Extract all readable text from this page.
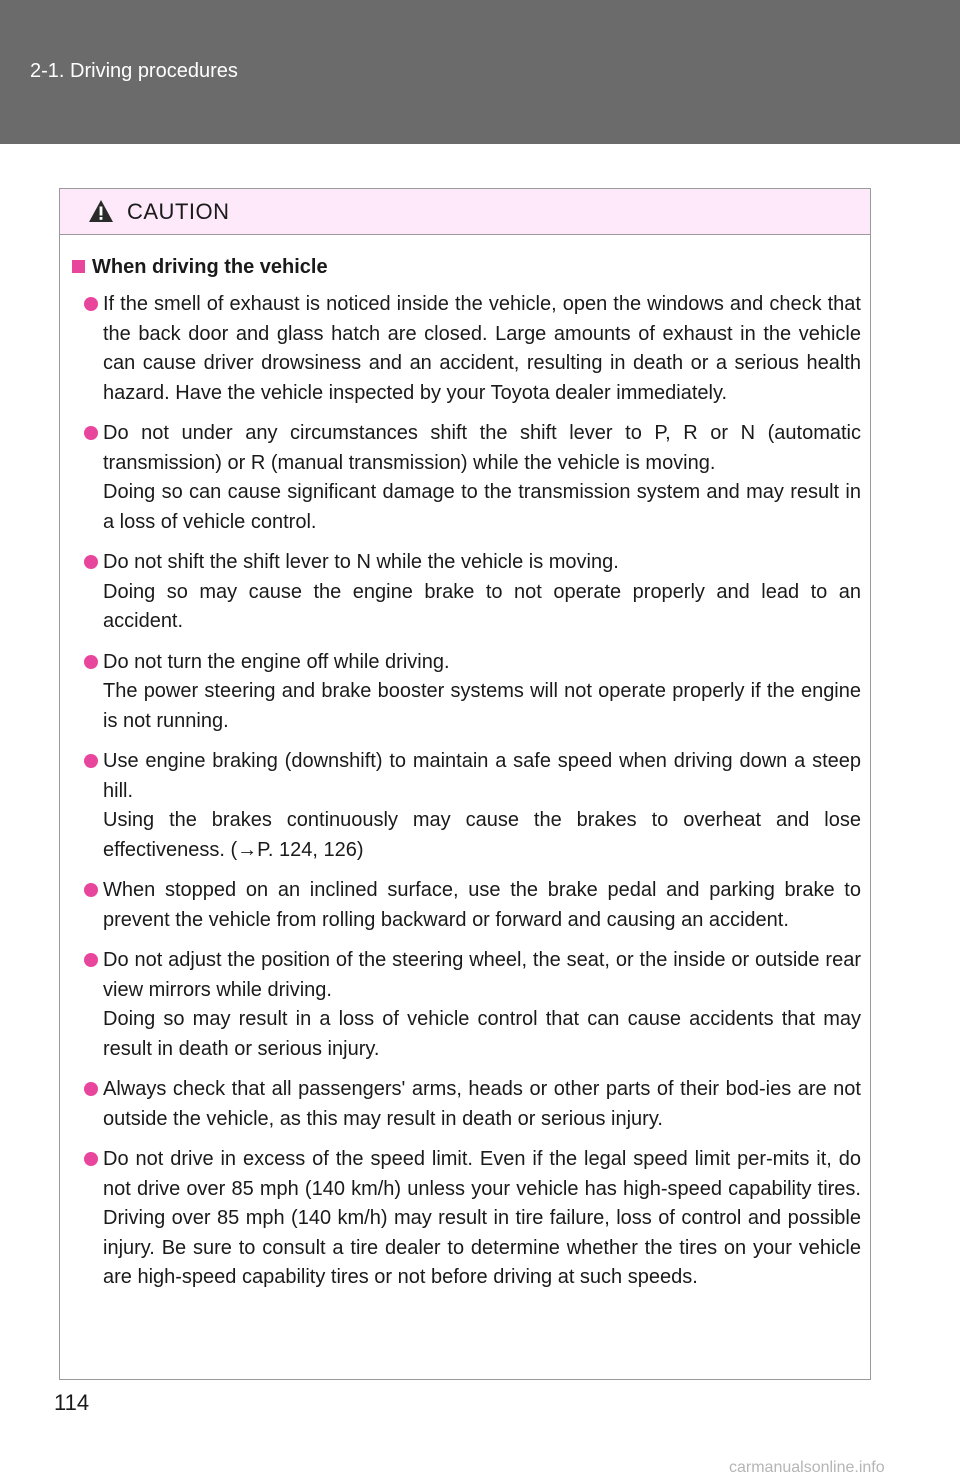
2-1. Driving procedures
CAUTION
When driving the vehicle

If the smell of exhaust is noticed inside the vehicle, open the windows and check that the back door and glass hatch are closed. Large amounts of exhaust in the vehicle can cause driver drowsiness and an accident, resulting in death or a serious health hazard. Have the vehicle inspected by your Toyota dealer immediately.

Do not under any circumstances shift the shift lever to P, R or N (automatic transmission) or R (manual transmission) while the vehicle is moving.

Doing so can cause significant damage to the transmission system and may result in a loss of vehicle control.

Do not shift the shift lever to N while the vehicle is moving.

Doing so may cause the engine brake to not operate properly and lead to an accident.

Do not turn the engine off while driving.

The power steering and brake booster systems will not operate properly if the engine is not running.

Use engine braking (downshift) to maintain a safe speed when driving down a steep hill.

Using the brakes continuously may cause the brakes to overheat and lose effectiveness. (→P. 124, 126)

When stopped on an inclined surface, use the brake pedal and parking brake to prevent the vehicle from rolling backward or forward and causing an accident.

Do not adjust the position of the steering wheel, the seat, or the inside or outside rear view mirrors while driving.

Doing so may result in a loss of vehicle control that can cause accidents that may result in death or serious injury.

Always check that all passengers' arms, heads or other parts of their bod-ies are not outside the vehicle, as this may result in death or serious injury.

Do not drive in excess of the speed limit. Even if the legal speed limit per-mits it, do not drive over 85 mph (140 km/h) unless your vehicle has high-speed capability tires. Driving over 85 mph (140 km/h) may result in tire failure, loss of control and possible injury. Be sure to consult a tire dealer to determine whether the tires on your vehicle are high-speed capability tires or not before driving at such speeds.

114
carmanualsonline.info
